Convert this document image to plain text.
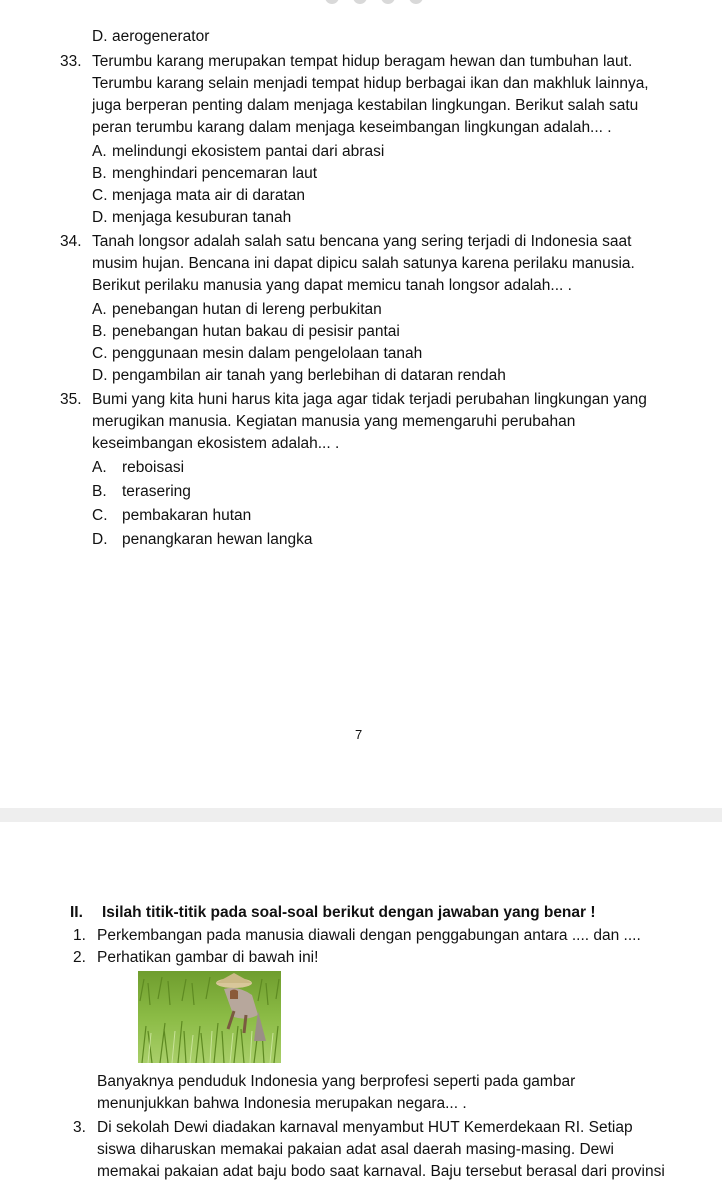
D. aerogenerator
33. Terumbu karang merupakan tempat hidup beragam hewan dan tumbuhan laut.
Terumbu karang selain menjadi tempat hidup berbagai ikan dan makhluk lainnya,
juga berperan penting dalam menjaga kestabilan lingkungan. Berikut salah satu
peran terumbu karang dalam menjaga keseimbangan lingkungan adalah... .
A. melindungi ekosistem pantai dari abrasi
B. menghindari pencemaran laut
C. menjaga mata air di daratan
D. menjaga kesuburan tanah
34. Tanah longsor adalah salah satu bencana yang sering terjadi di Indonesia saat
musim hujan. Bencana ini dapat dipicu salah satunya karena perilaku manusia.
Berikut perilaku manusia yang dapat memicu tanah longsor adalah... .
A. penebangan hutan di lereng perbukitan
B. penebangan hutan bakau di pesisir pantai
C. penggunaan mesin dalam pengelolaan tanah
D. pengambilan air tanah yang berlebihan di dataran rendah
35. Bumi yang kita huni harus kita jaga agar tidak terjadi perubahan lingkungan yang
merugikan manusia. Kegiatan manusia yang memengaruhi perubahan
keseimbangan ekosistem adalah... .
A. reboisasi
B. terasering
C. pembakaran hutan
D. penangkaran hewan langka
7
II. Isilah titik-titik pada soal-soal berikut dengan jawaban yang benar !
1. Perkembangan pada manusia diawali dengan penggabungan antara .... dan ....
2. Perhatikan gambar di bawah ini!
Banyaknya penduduk Indonesia yang berprofesi seperti pada gambar
menunjukkan bahwa Indonesia merupakan negara... .
3. Di sekolah Dewi diadakan karnaval menyambut HUT Kemerdekaan RI. Setiap
siswa diharuskan memakai pakaian adat asal daerah masing-masing. Dewi
memakai pakaian adat baju bodo saat karnaval. Baju tersebut berasal dari provinsi
